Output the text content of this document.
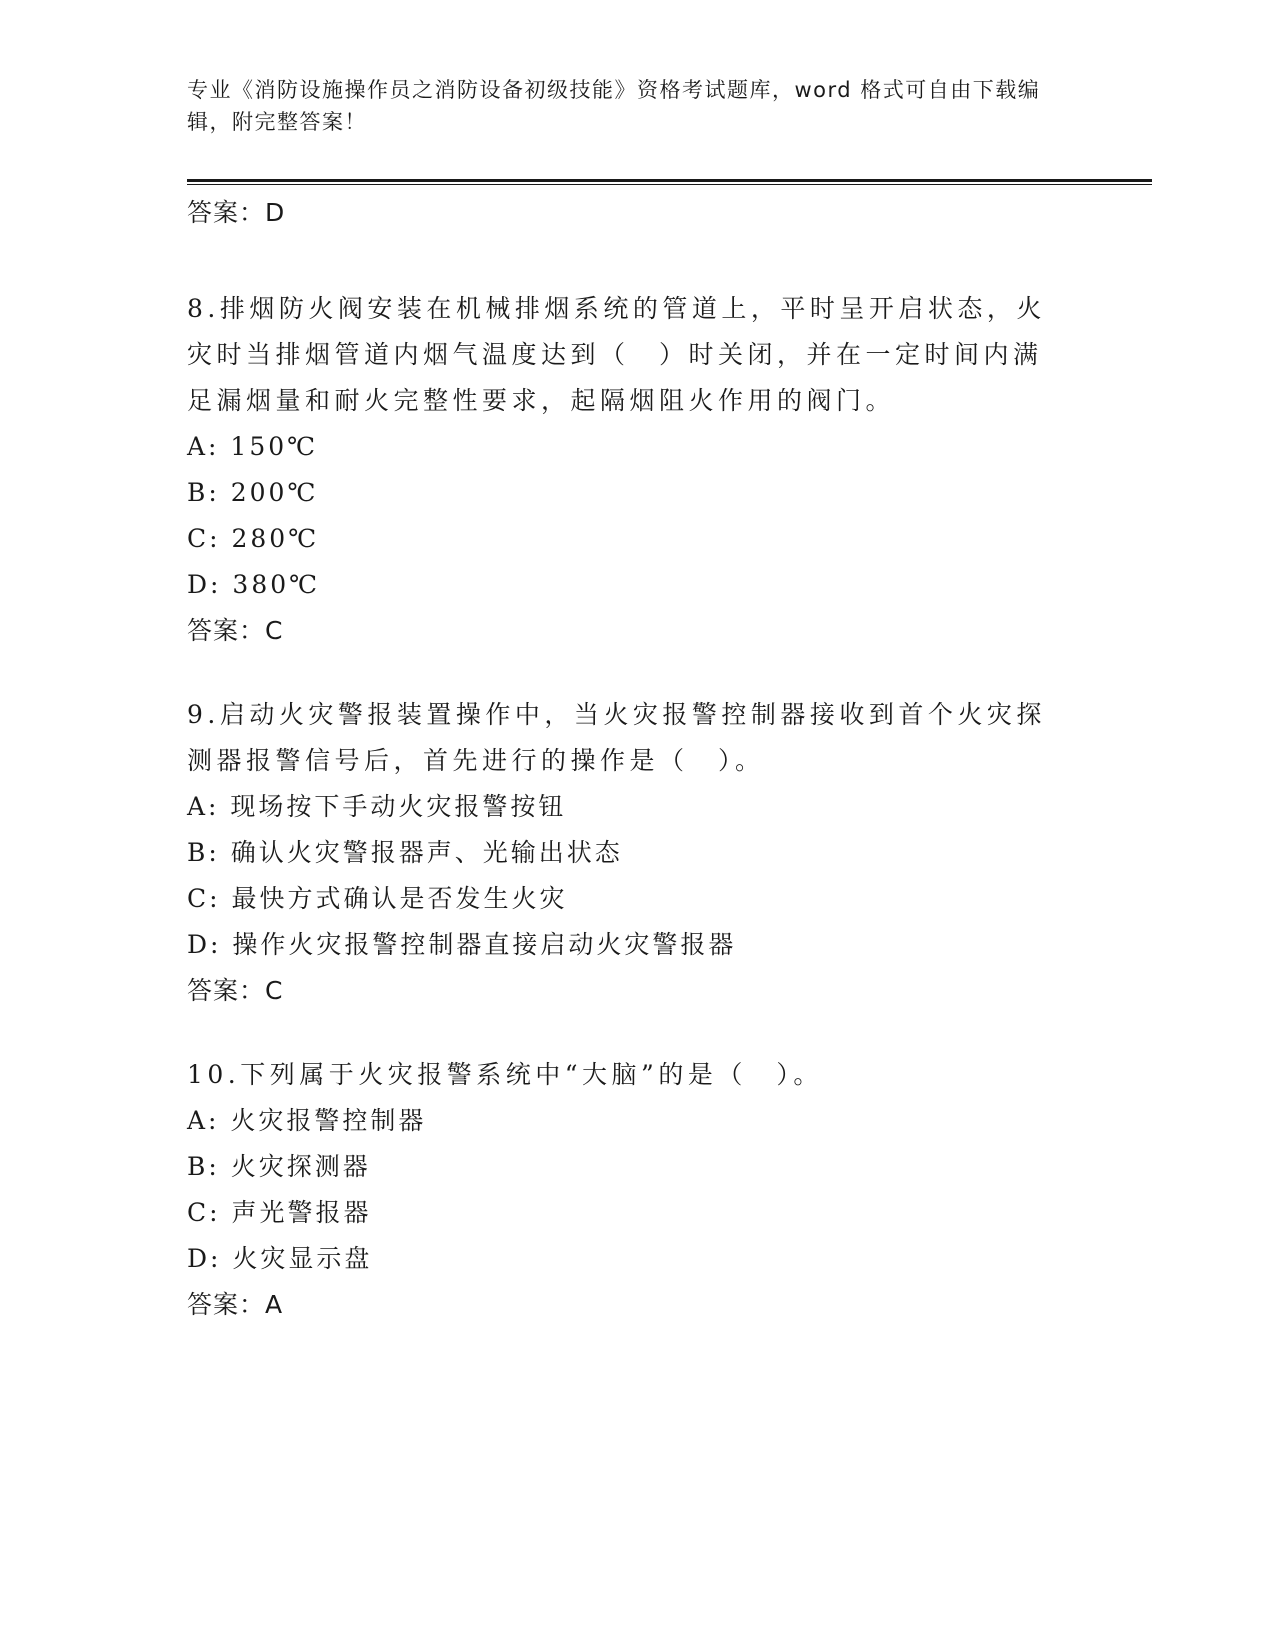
专业《消防设施操作员之消防设备初级技能》资格考试题库，word 格式可自由下载编辑，附完整答案！
答案：D
8.排烟防火阀安装在机械排烟系统的管道上，平时呈开启状态，火灾时当排烟管道内烟气温度达到（　）时关闭，并在一定时间内满足漏烟量和耐火完整性要求，起隔烟阻火作用的阀门。
A: 150℃
B: 200℃
C: 280℃
D: 380℃
答案：C
9.启动火灾警报装置操作中，当火灾报警控制器接收到首个火灾探测器报警信号后，首先进行的操作是（　）。
A: 现场按下手动火灾报警按钮
B: 确认火灾警报器声、光输出状态
C: 最快方式确认是否发生火灾
D: 操作火灾报警控制器直接启动火灾警报器
答案：C
10.下列属于火灾报警系统中“大脑”的是（　）。
A: 火灾报警控制器
B: 火灾探测器
C: 声光警报器
D: 火灾显示盘
答案：A
